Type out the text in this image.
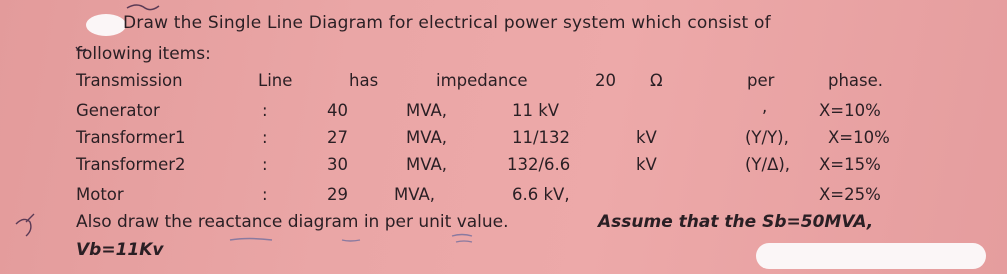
Draw the Single Line Diagram for electrical power system which consist of
following items:
Transmission	Line	has	impedance	20 Ω	per	phase.
Generator	:	40	MVA,	11 kV	,	X=10%
Transformer1	:	27	MVA,	11/132	kV	(Y/Y), X=10%
Transformer2	:	30	MVA,	132/6.6	kV	(Y/Δ), X=15%
Motor	:	29	MVA,	6.6 kV,	X=25%
Also draw the reactance diagram in per unit value.	Assume that the Sb=50MVA,
Vb=11Kv
